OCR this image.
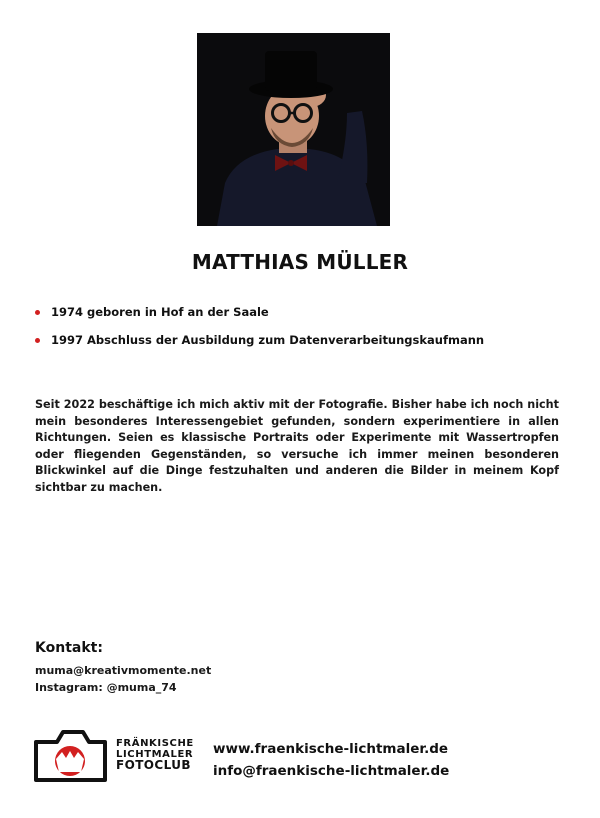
MATTHIAS MÜLLER
1974 geboren in Hof an der Saale
1997 Abschluss der Ausbildung zum Datenverarbeitungskaufmann
Seit 2022 beschäftige ich mich aktiv mit der Fotografie. Bisher habe ich noch nicht mein besonderes Interessengebiet gefunden, sondern experimentiere in allen Richtungen. Seien es klassische Portraits oder Experimente mit Wassertropfen oder fliegenden Gegenständen, so versuche ich immer meinen besonderen Blickwinkel auf die Dinge festzuhalten und anderen die Bilder in meinem Kopf sichtbar zu machen.
Kontakt:
muma@kreativmomente.net
Instagram: @muma_74
FRÄNKISCHE
LICHTMALER
FOTOCLUB
www.fraenkische-lichtmaler.de
info@fraenkische-lichtmaler.de
